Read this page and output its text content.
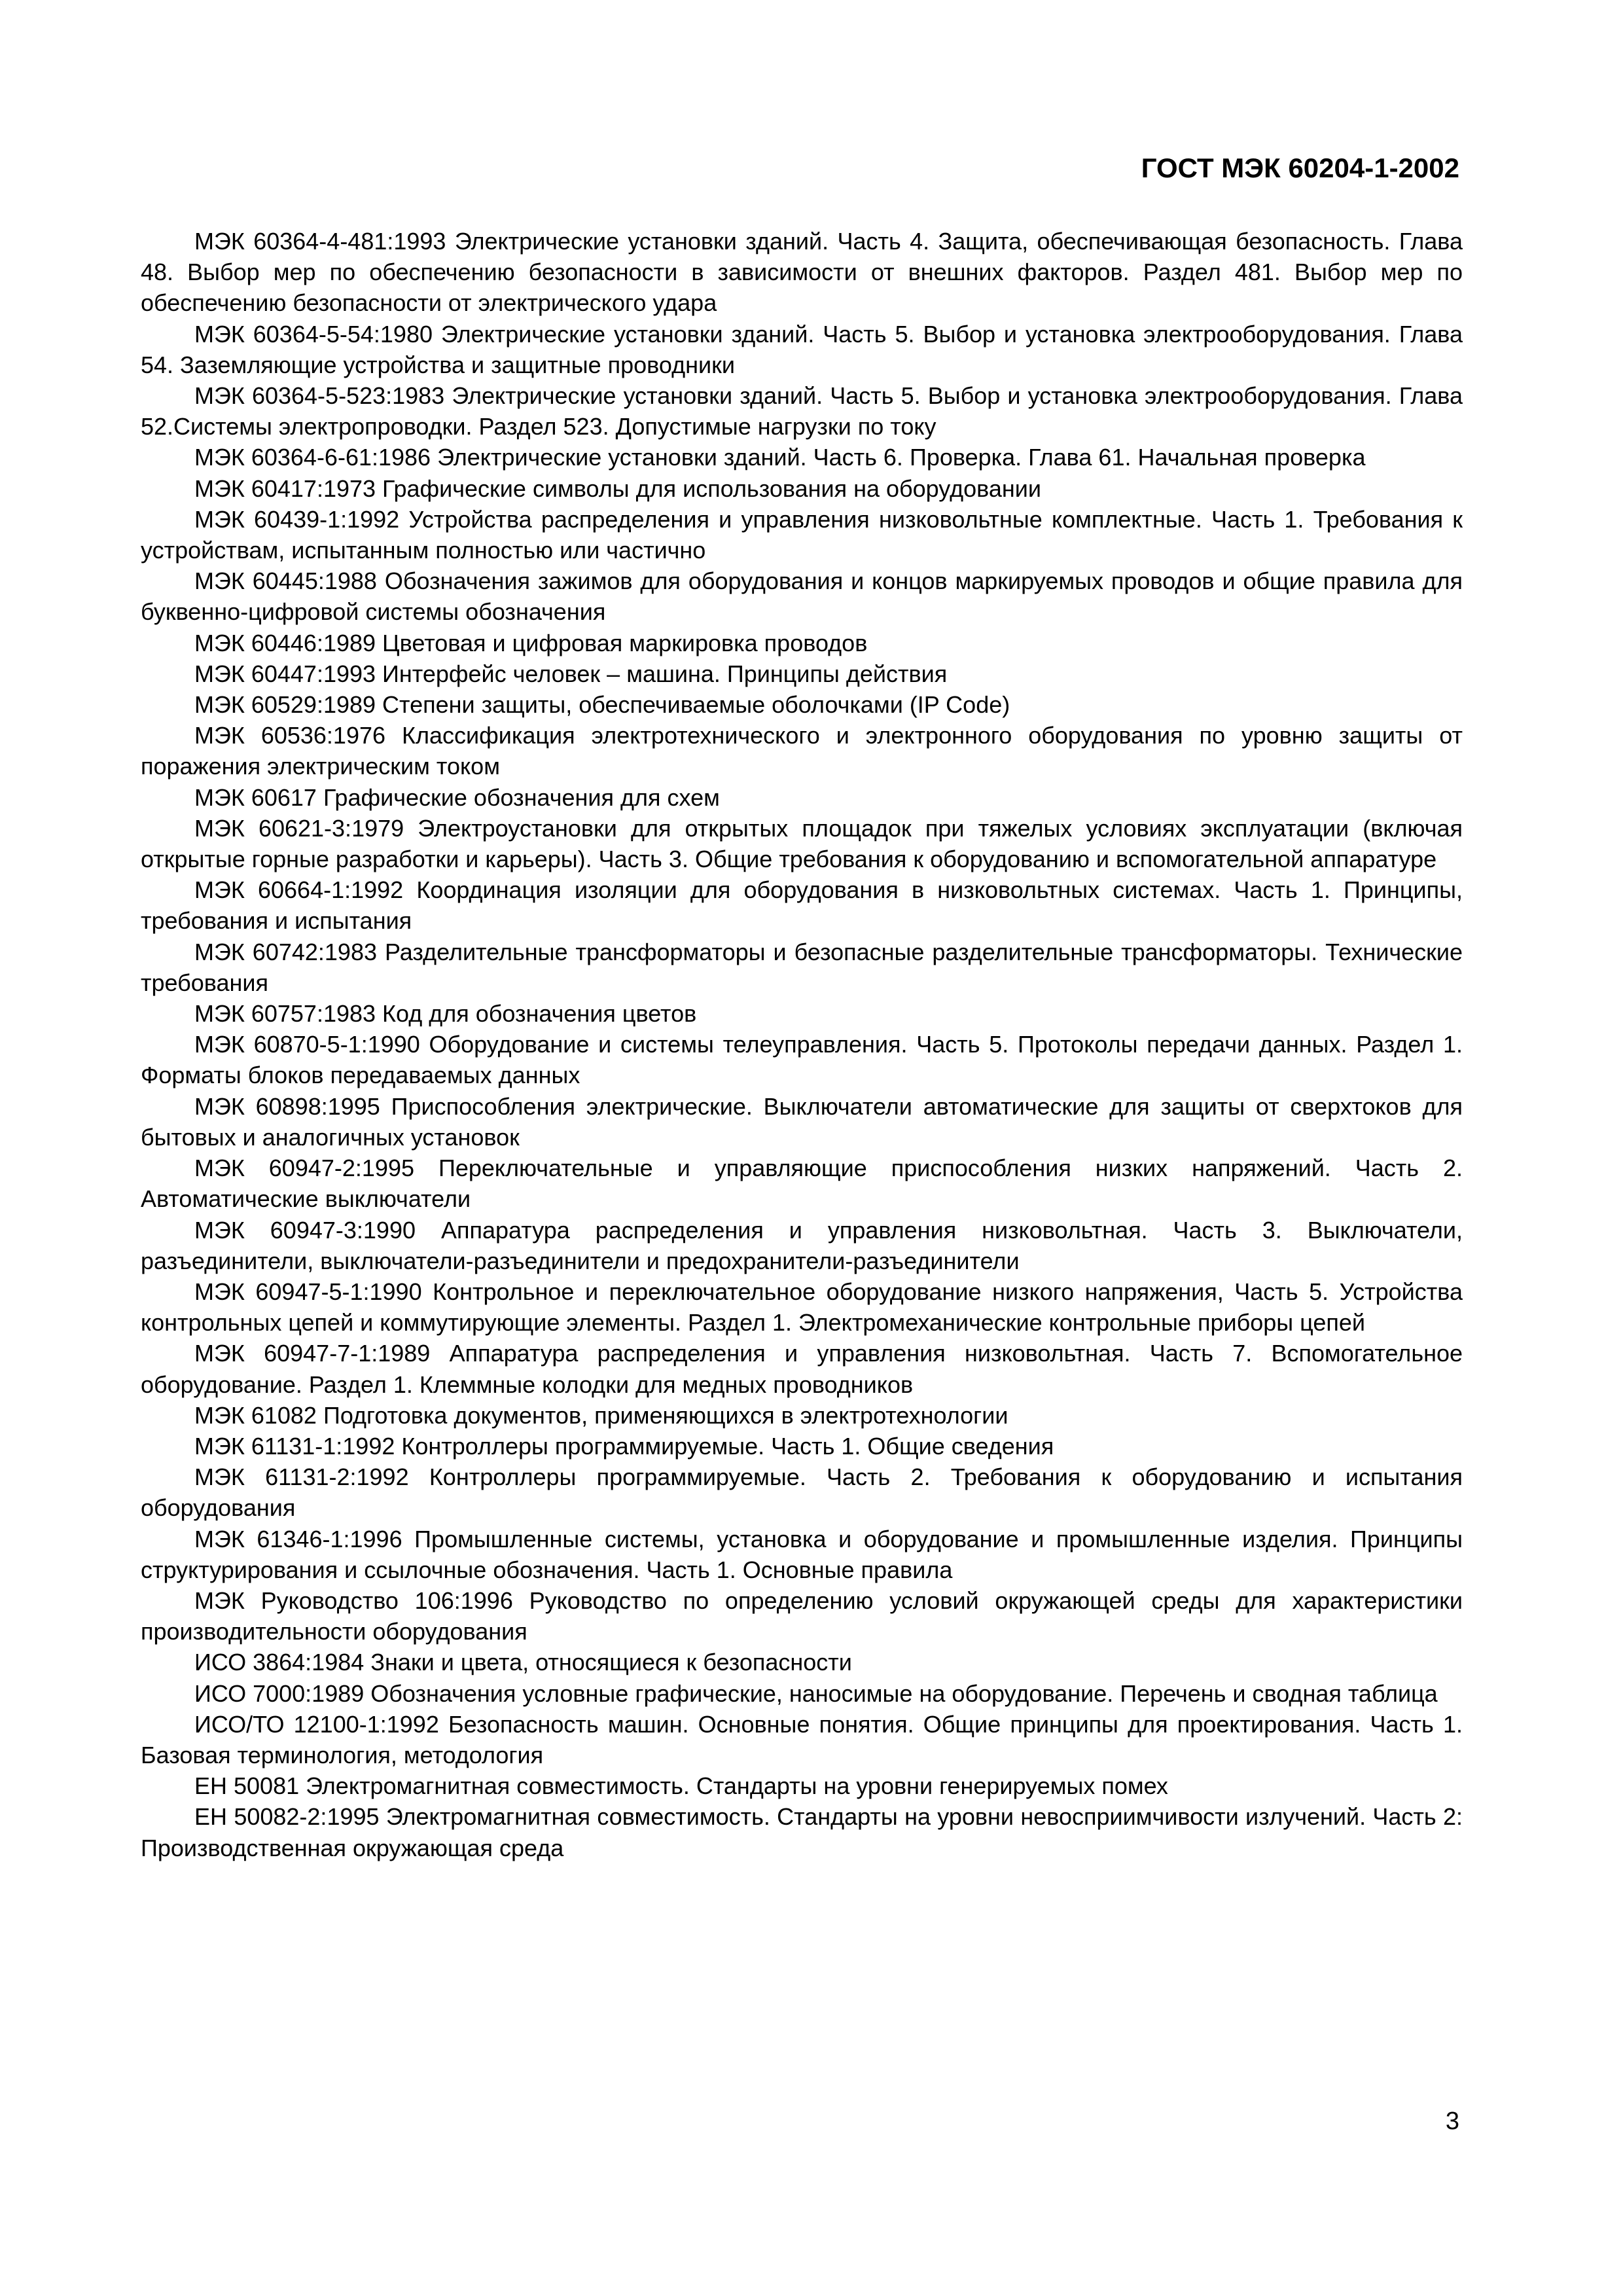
ГОСТ МЭК 60204-1-2002

МЭК 60364-4-481:1993 Электрические установки зданий. Часть 4. Защита, обеспечивающая безопасность. Глава 48. Выбор мер по обеспечению безопасности в зависимости от внешних факторов. Раздел 481. Выбор мер по обеспечению безопасности от электрического удара

МЭК 60364-5-54:1980 Электрические установки зданий. Часть 5. Выбор и установка электрооборудования. Глава 54. Заземляющие устройства и защитные проводники

МЭК 60364-5-523:1983 Электрические установки зданий. Часть 5. Выбор и установка электрооборудования. Глава 52.Системы электропроводки. Раздел 523. Допустимые нагрузки по току

МЭК 60364-6-61:1986 Электрические установки зданий. Часть 6. Проверка. Глава 61. Начальная проверка

МЭК 60417:1973 Графические символы для использования на оборудовании

МЭК 60439-1:1992 Устройства распределения и управления низковольтные комплектные. Часть 1. Требования к устройствам, испытанным полностью или частично

МЭК 60445:1988 Обозначения зажимов для оборудования и концов маркируемых проводов и общие правила для буквенно-цифровой системы обозначения

МЭК 60446:1989 Цветовая и цифровая маркировка проводов

МЭК 60447:1993 Интерфейс человек – машина. Принципы действия

МЭК 60529:1989 Степени защиты, обеспечиваемые оболочками (IP Code)

МЭК 60536:1976 Классификация электротехнического и электронного оборудования по уровню защиты от поражения электрическим током

МЭК 60617 Графические обозначения для схем

МЭК 60621-3:1979 Электроустановки для открытых площадок при тяжелых условиях эксплуатации (включая открытые горные разработки и карьеры). Часть 3. Общие требования к оборудованию и вспомогательной аппаратуре

МЭК 60664-1:1992 Координация изоляции для оборудования в низковольтных системах. Часть 1. Принципы, требования и испытания

МЭК 60742:1983 Разделительные трансформаторы и безопасные разделительные трансформаторы. Технические требования

МЭК 60757:1983 Код для обозначения цветов

МЭК 60870-5-1:1990 Оборудование и системы телеуправления. Часть 5. Протоколы передачи данных. Раздел 1. Форматы блоков передаваемых данных

МЭК 60898:1995 Приспособления электрические. Выключатели автоматические для защиты от сверхтоков для бытовых и аналогичных установок

МЭК 60947-2:1995 Переключательные и управляющие приспособления низких напряжений. Часть 2. Автоматические выключатели

МЭК 60947-3:1990 Аппаратура распределения и управления низковольтная. Часть 3. Выключатели, разъединители, выключатели-разъединители и предохранители-разъединители

МЭК 60947-5-1:1990 Контрольное и переключательное оборудование низкого напряжения, Часть 5. Устройства контрольных цепей и коммутирующие элементы. Раздел 1. Электромеханические контрольные приборы цепей

МЭК 60947-7-1:1989 Аппаратура распределения и управления низковольтная. Часть 7. Вспомогательное оборудование. Раздел 1. Клеммные колодки для медных проводников

МЭК 61082 Подготовка документов, применяющихся в электротехнологии

МЭК 61131-1:1992 Контроллеры программируемые. Часть 1. Общие сведения

МЭК 61131-2:1992 Контроллеры программируемые. Часть 2. Требования к оборудованию и испытания оборудования

МЭК 61346-1:1996 Промышленные системы, установка и оборудование и промышленные изделия. Принципы структурирования и ссылочные обозначения. Часть 1. Основные правила

МЭК Руководство 106:1996 Руководство по определению условий окружающей среды для характеристики производительности оборудования

ИСО 3864:1984 Знаки и цвета, относящиеся к безопасности

ИСО 7000:1989 Обозначения условные графические, наносимые на оборудование. Перечень и сводная таблица

ИСО/ТО 12100-1:1992 Безопасность машин. Основные понятия. Общие принципы для проектирования. Часть 1. Базовая терминология, методология

ЕН 50081 Электромагнитная совместимость. Стандарты на уровни генерируемых помех

ЕН 50082-2:1995 Электромагнитная совместимость. Стандарты на уровни невосприимчивости излучений. Часть 2: Производственная окружающая среда

3
